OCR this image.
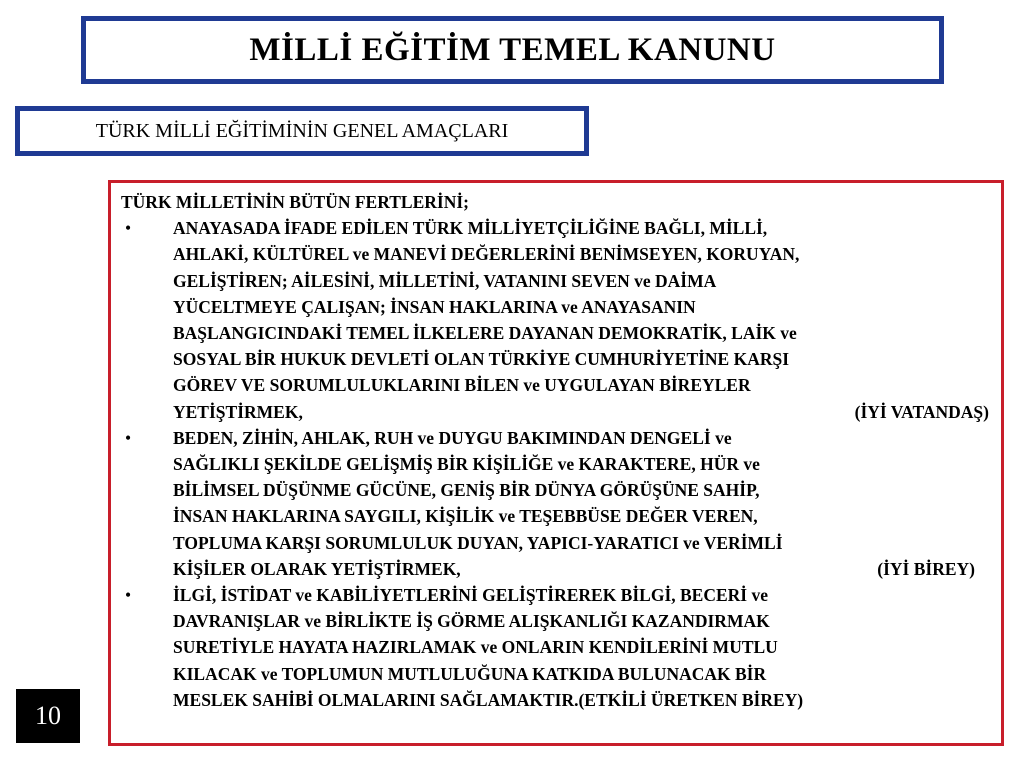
MİLLİ EĞİTİM TEMEL KANUNU
TÜRK MİLLİ EĞİTİMİNİN GENEL AMAÇLARI

TÜRK MİLLETİNİN BÜTÜN FERTLERİNİ;

• ANAYASADA İFADE EDİLEN TÜRK MİLLİYETÇİLİĞİNE BAĞLI, MİLLİ,
AHLAKİ, KÜLTÜREL ve MANEVİ DEĞERLERİNİ BENİMSEYEN, KORUYAN,
GELİŞTİREN; AİLESİNİ, MİLLETİNİ, VATANINI SEVEN ve DAİMA
YÜCELTMEYE ÇALIŞAN; İNSAN HAKLARINA ve ANAYASANIN
BAŞLANGICINDAKİ TEMEL İLKELERE DAYANAN DEMOKRATİK, LAİK ve
SOSYAL BİR HUKUK DEVLETİ OLAN TÜRKİYE CUMHURİYETİNE KARŞI
GÖREV VE SORUMLULUKLARINI BİLEN ve UYGULAYAN BİREYLER
YETİŞTİRMEK,	(İYİ VATANDAŞ)
• BEDEN, ZİHİN, AHLAK, RUH ve DUYGU BAKIMINDAN DENGELİ ve
SAĞLIKLI ŞEKİLDE GELİŞMİŞ BİR KİŞİLİĞE ve KARAKTERE, HÜR ve
BİLİMSEL DÜŞÜNME GÜCÜNE, GENİŞ BİR DÜNYA GÖRÜŞÜNE SAHİP,
İNSAN HAKLARINA SAYGILI, KİŞİLİK ve TEŞEBBÜSE DEĞER VEREN,
TOPLUMA KARŞI SORUMLULUK DUYAN, YAPICI-YARATICI ve VERİMLİ
KİŞİLER OLARAK YETİŞTİRMEK,	(İYİ BİREY)
• İLGİ, İSTİDAT ve KABİLİYETLERİNİ GELİŞTİREREK BİLGİ, BECERİ ve
DAVRANIŞLAR ve BİRLİKTE İŞ GÖRME ALIŞKANLIĞI KAZANDIRMAK
SURETİYLE HAYATA HAZIRLAMAK ve ONLARIN KENDİLERİNİ MUTLU
KILACAK ve TOPLUMUN MUTLULUĞUNA KATKIDA BULUNACAK BİR
MESLEK SAHİBİ OLMALARINI SAĞLAMAKTIR.(ETKİLİ ÜRETKEN BİREY)
10
